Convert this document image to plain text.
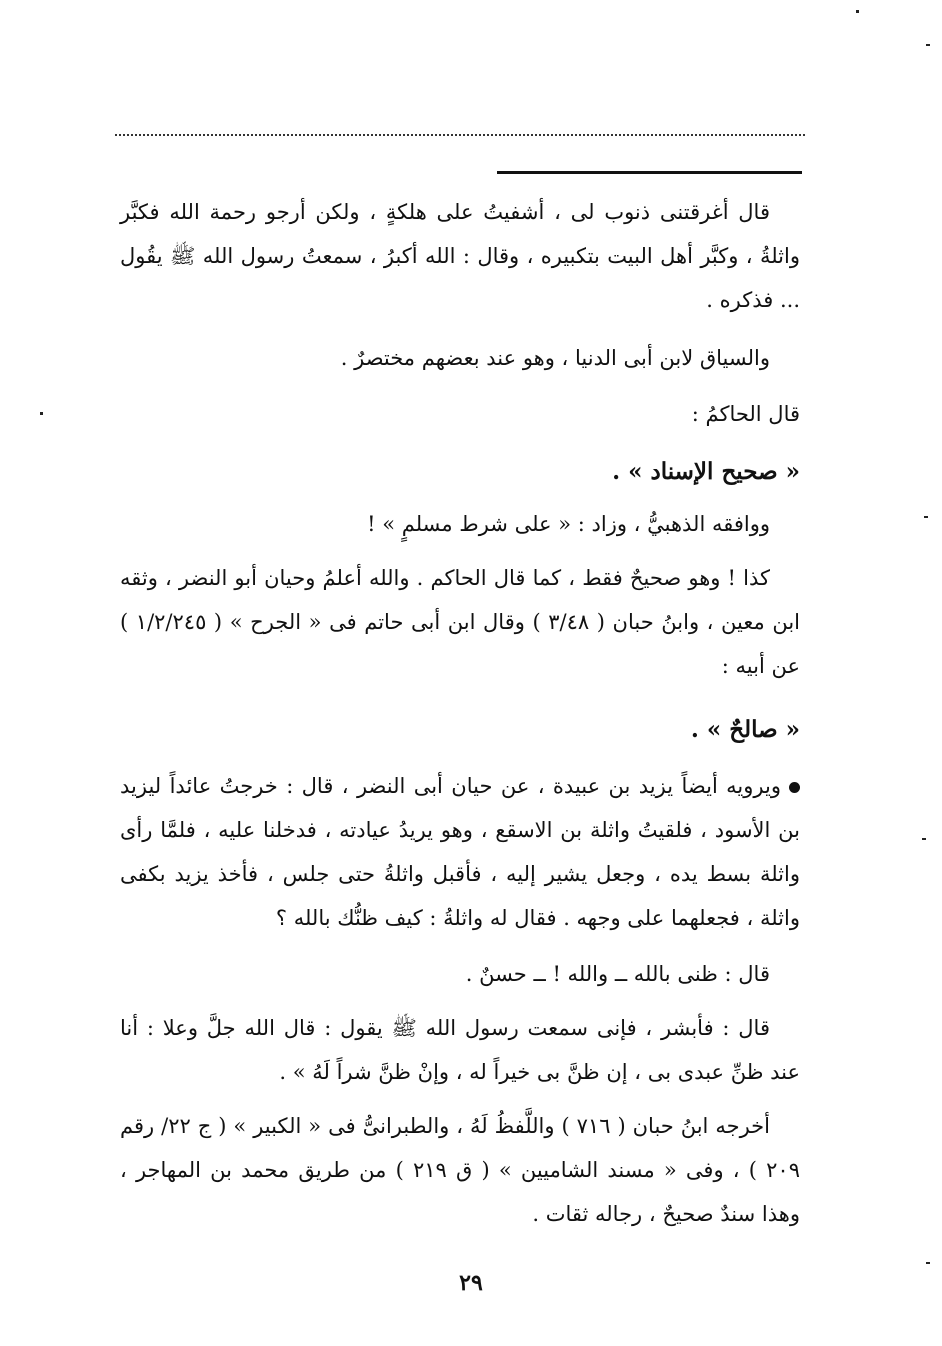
قال أغرقتنى ذنوب لى ، أشفيتُ على هلكةٍ ، ولكن أرجو رحمة الله فكبَّر واثلةُ ، وكبَّر أهل البيت بتكبيره ، وقال : الله أكبرُ ، سمعتُ رسول الله ﷺ يقُول ... فذكره .
والسياق لابن أبى الدنيا ، وهو عند بعضهم مختصرٌ .
قال الحاكمُ :
« صحيح الإسناد » .
ووافقه الذهبيُّ ، وزاد : « على شرط مسلمٍ » !
كذا ! وهو صحيحٌ فقط ، كما قال الحاكم . والله أعلمُ وحيان أبو النضر ، وثقه ابن معين ، وابنُ حبان ( ٣/٤٨ ) وقال ابن أبى حاتم فى « الجرح » ( ١/٢/٢٤٥ ) عن أبيه :
« صالحٌ » .
ويرويه أيضاً يزيد بن عبيدة ، عن حيان أبى النضر ، قال : خرجتُ عائداً ليزيد بن الأسود ، فلقيتُ واثلة بن الاسقع ، وهو يريدُ عيادته ، فدخلنا عليه ، فلمَّا رأى واثلة بسط يده ، وجعل يشير إليه ، فأقبل واثلةُ حتى جلس ، فأخذ يزيد بكفى واثلة ، فجعلهما على وجهه . فقال له واثلةُ : كيف ظنُّك بالله ؟
قال : ظنى بالله ــ والله ! ــ حسنٌ .
قال : فأبشر ، فإنى سمعت رسول الله ﷺ يقول : قال الله جلَّ وعلا : أنا عند ظنِّ عبدى بى ، إن ظنَّ بى خيراً له ، وإنْ ظنَّ شراً لَهُ » .
أخرجه ابنُ حبان ( ٧١٦ ) واللَّفظُ لَهُ ، والطبرانىُّ فى « الكبير » ( ج ٢٢/ رقم ٢٠٩ ) ، وفى « مسند الشاميين » ( ق ٢١٩ ) من طريق محمد بن المهاجر ، وهذا سندٌ صحيحٌ ، رجاله ثقات .
٢٩
